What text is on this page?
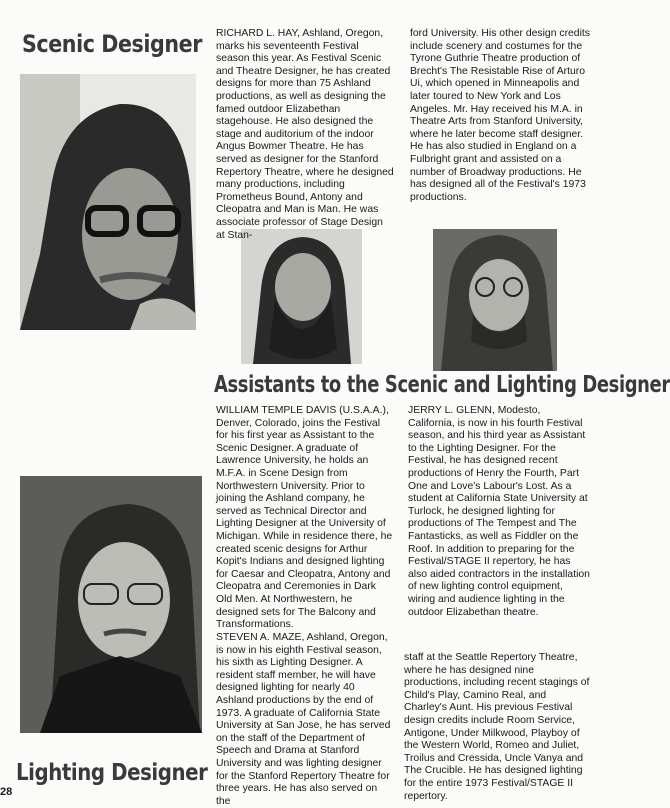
Scenic Designer
Assistants to the Scenic and Lighting Designer
Lighting Designer

RICHARD L. HAY, Ashland, Oregon, marks his seventeenth Festival season this year. As Festival Scenic and Theatre Designer, he has created designs for more than 75 Ashland productions, as well as designing the famed outdoor Elizabethan stagehouse. He also designed the stage and auditorium of the indoor Angus Bowmer Theatre. He has served as designer for the Stanford Repertory Theatre, where he designed many productions, including Prometheus Bound, Antony and Cleopatra and Man is Man. He was associate professor of Stage Design at Stan-

ford University. His other design credits include scenery and costumes for the Tyrone Guthrie Theatre production of Brecht's The Resistable Rise of Arturo Ui, which opened in Minneapolis and later toured to New York and Los Angeles. Mr. Hay received his M.A. in Theatre Arts from Stanford University, where he later become staff designer. He has also studied in England on a Fulbright grant and assisted on a number of Broadway productions. He has designed all of the Festival's 1973 productions.

WILLIAM TEMPLE DAVIS (U.S.A.A.), Denver, Colorado, joins the Festival for his first year as Assistant to the Scenic Designer. A graduate of Lawrence University, he holds an M.F.A. in Scene Design from Northwestern University. Prior to joining the Ashland company, he served as Technical Director and Lighting Designer at the University of Michigan. While in residence there, he created scenic designs for Arthur Kopit's Indians and designed lighting for Caesar and Cleopatra, Antony and Cleopatra and Ceremonies in Dark Old Men. At Northwestern, he designed sets for The Balcony and Transformations.

JERRY L. GLENN, Modesto, California, is now in his fourth Festival season, and his third year as Assistant to the Lighting Designer. For the Festival, he has designed recent productions of Henry the Fourth, Part One and Love's Labour's Lost. As a student at California State University at Turlock, he designed lighting for productions of The Tempest and The Fantasticks, as well as Fiddler on the Roof. In addition to preparing for the Festival/STAGE II repertory, he has also aided contractors in the installation of new lighting control equipment, wiring and audience lighting in the outdoor Elizabethan theatre.

STEVEN A. MAZE, Ashland, Oregon, is now in his eighth Festival season, his sixth as Lighting Designer. A resident staff member, he will have designed lighting for nearly 40 Ashland productions by the end of 1973. A graduate of California State University at San Jose, he has served on the staff of the Department of Speech and Drama at Stanford University and was lighting designer for the Stanford Repertory Theatre for three years. He has also served on the

staff at the Seattle Repertory Theatre, where he has designed nine productions, including recent stagings of Child's Play, Camino Real, and Charley's Aunt. His previous Festival design credits include Room Service, Antigone, Under Milkwood, Playboy of the Western World, Romeo and Juliet, Troilus and Cressida, Uncle Vanya and The Crucible. He has designed lighting for the entire 1973 Festival/STAGE II repertory.

28
